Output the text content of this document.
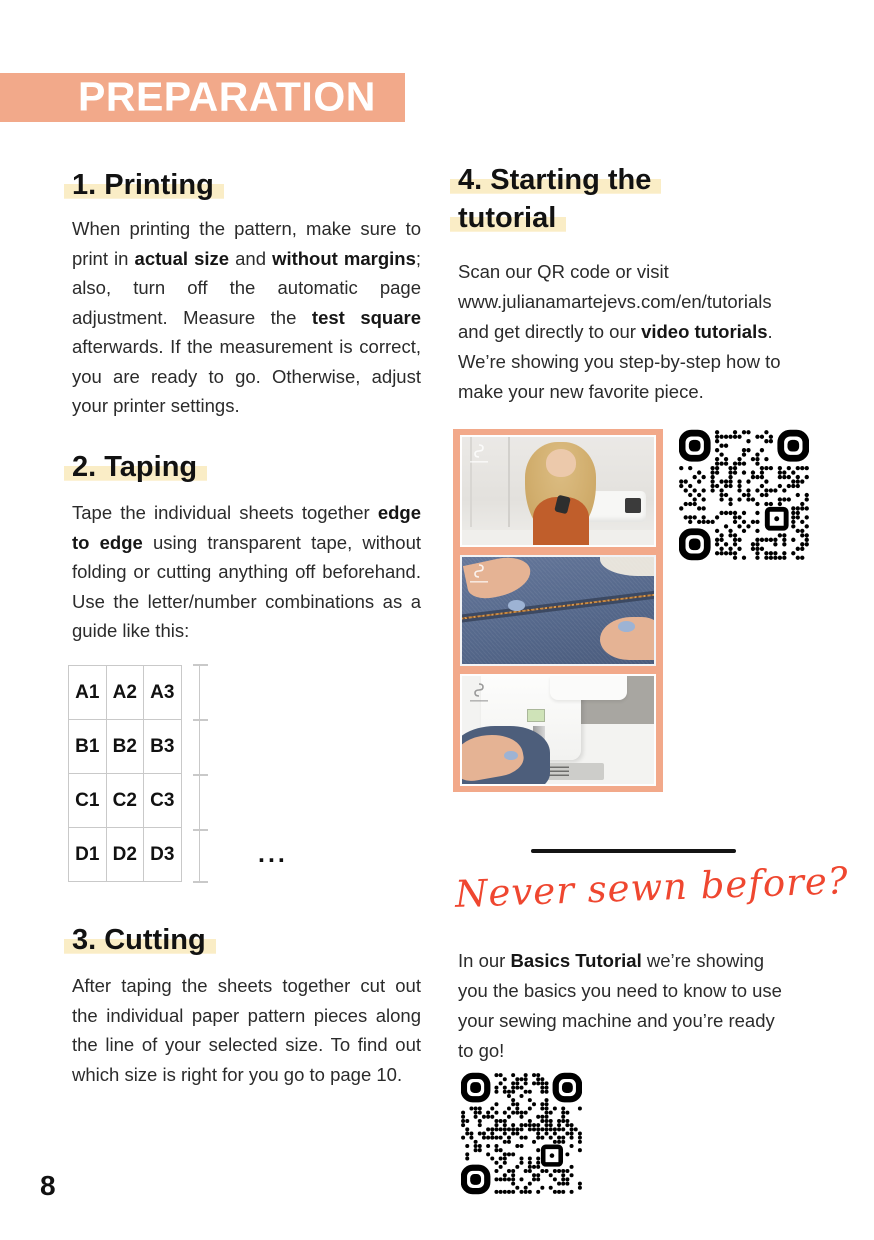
PREPARATION
1. Printing
When printing the pattern, make sure to print in actual size and without margins; also, turn off the automatic page adjustment. Measure the test square afterwards. If the measurement is correct, you are ready to go. Otherwise, adjust your printer settings.
2. Taping
Tape the individual sheets together edge to edge using transparent tape, without folding or cutting anything off beforehand. Use the letter/number combinations as a guide like this:
A1 A2 A3
B1 B2 B3
C1 C2 C3
D1 D2 D3	...
3. Cutting
After taping the sheets together cut out the individual paper pattern pieces along the line of your selected size. To find out which size is right for you go to page 10.
8
4. Starting the
tutorial
Scan our QR code or visit
www.julianamartejevs.com/en/tutorials
and get directly to our video tutorials.
We’re showing you step-by-step how to
make your new favorite piece.
Never sewn before?
In our Basics Tutorial we’re showing
you the basics you need to know to use
your sewing machine and you’re ready
to go!
